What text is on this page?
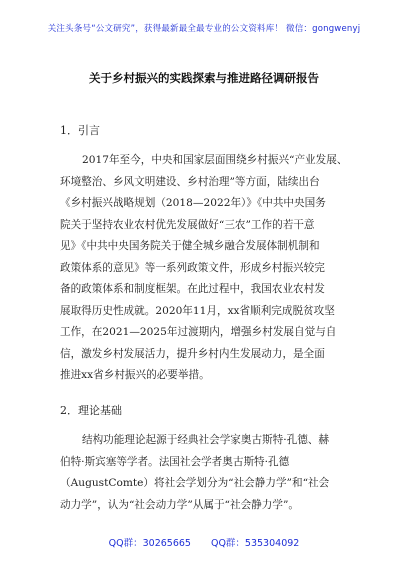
关注头条号“公文研究”，获得最新最全最专业的公文资料库！ 微信：gongwenyj
关于乡村振兴的实践探索与推进路径调研报告
1．引言
2017年至今，中央和国家层面围绕乡村振兴“产业发展、
环境整治、乡风文明建设、乡村治理”等方面，陆续出台
《乡村振兴战略规划（2018—2022年）》《中共中央国务
院关于坚持农业农村优先发展做好“三农”工作的若干意
见》《中共中央国务院关于健全城乡融合发展体制机制和
政策体系的意见》等一系列政策文件，形成乡村振兴较完
备的政策体系和制度框架。在此过程中，我国农业农村发
展取得历史性成就。2020年11月，xx省顺利完成脱贫攻坚
工作，在2021—2025年过渡期内，增强乡村发展自觉与自
信，激发乡村发展活力，提升乡村内生发展动力，是全面
推进xx省乡村振兴的必要举措。
2．理论基础
结构功能理论起源于经典社会学家奥古斯特·孔德、赫
伯特·斯宾塞等学者。法国社会学者奥古斯特·孔德
（AugustComte）将社会学划分为“社会静力学”和“社会
动力学”，认为“社会动力学”从属于“社会静力学”。
QQ群：30265665 QQ群：535304092
